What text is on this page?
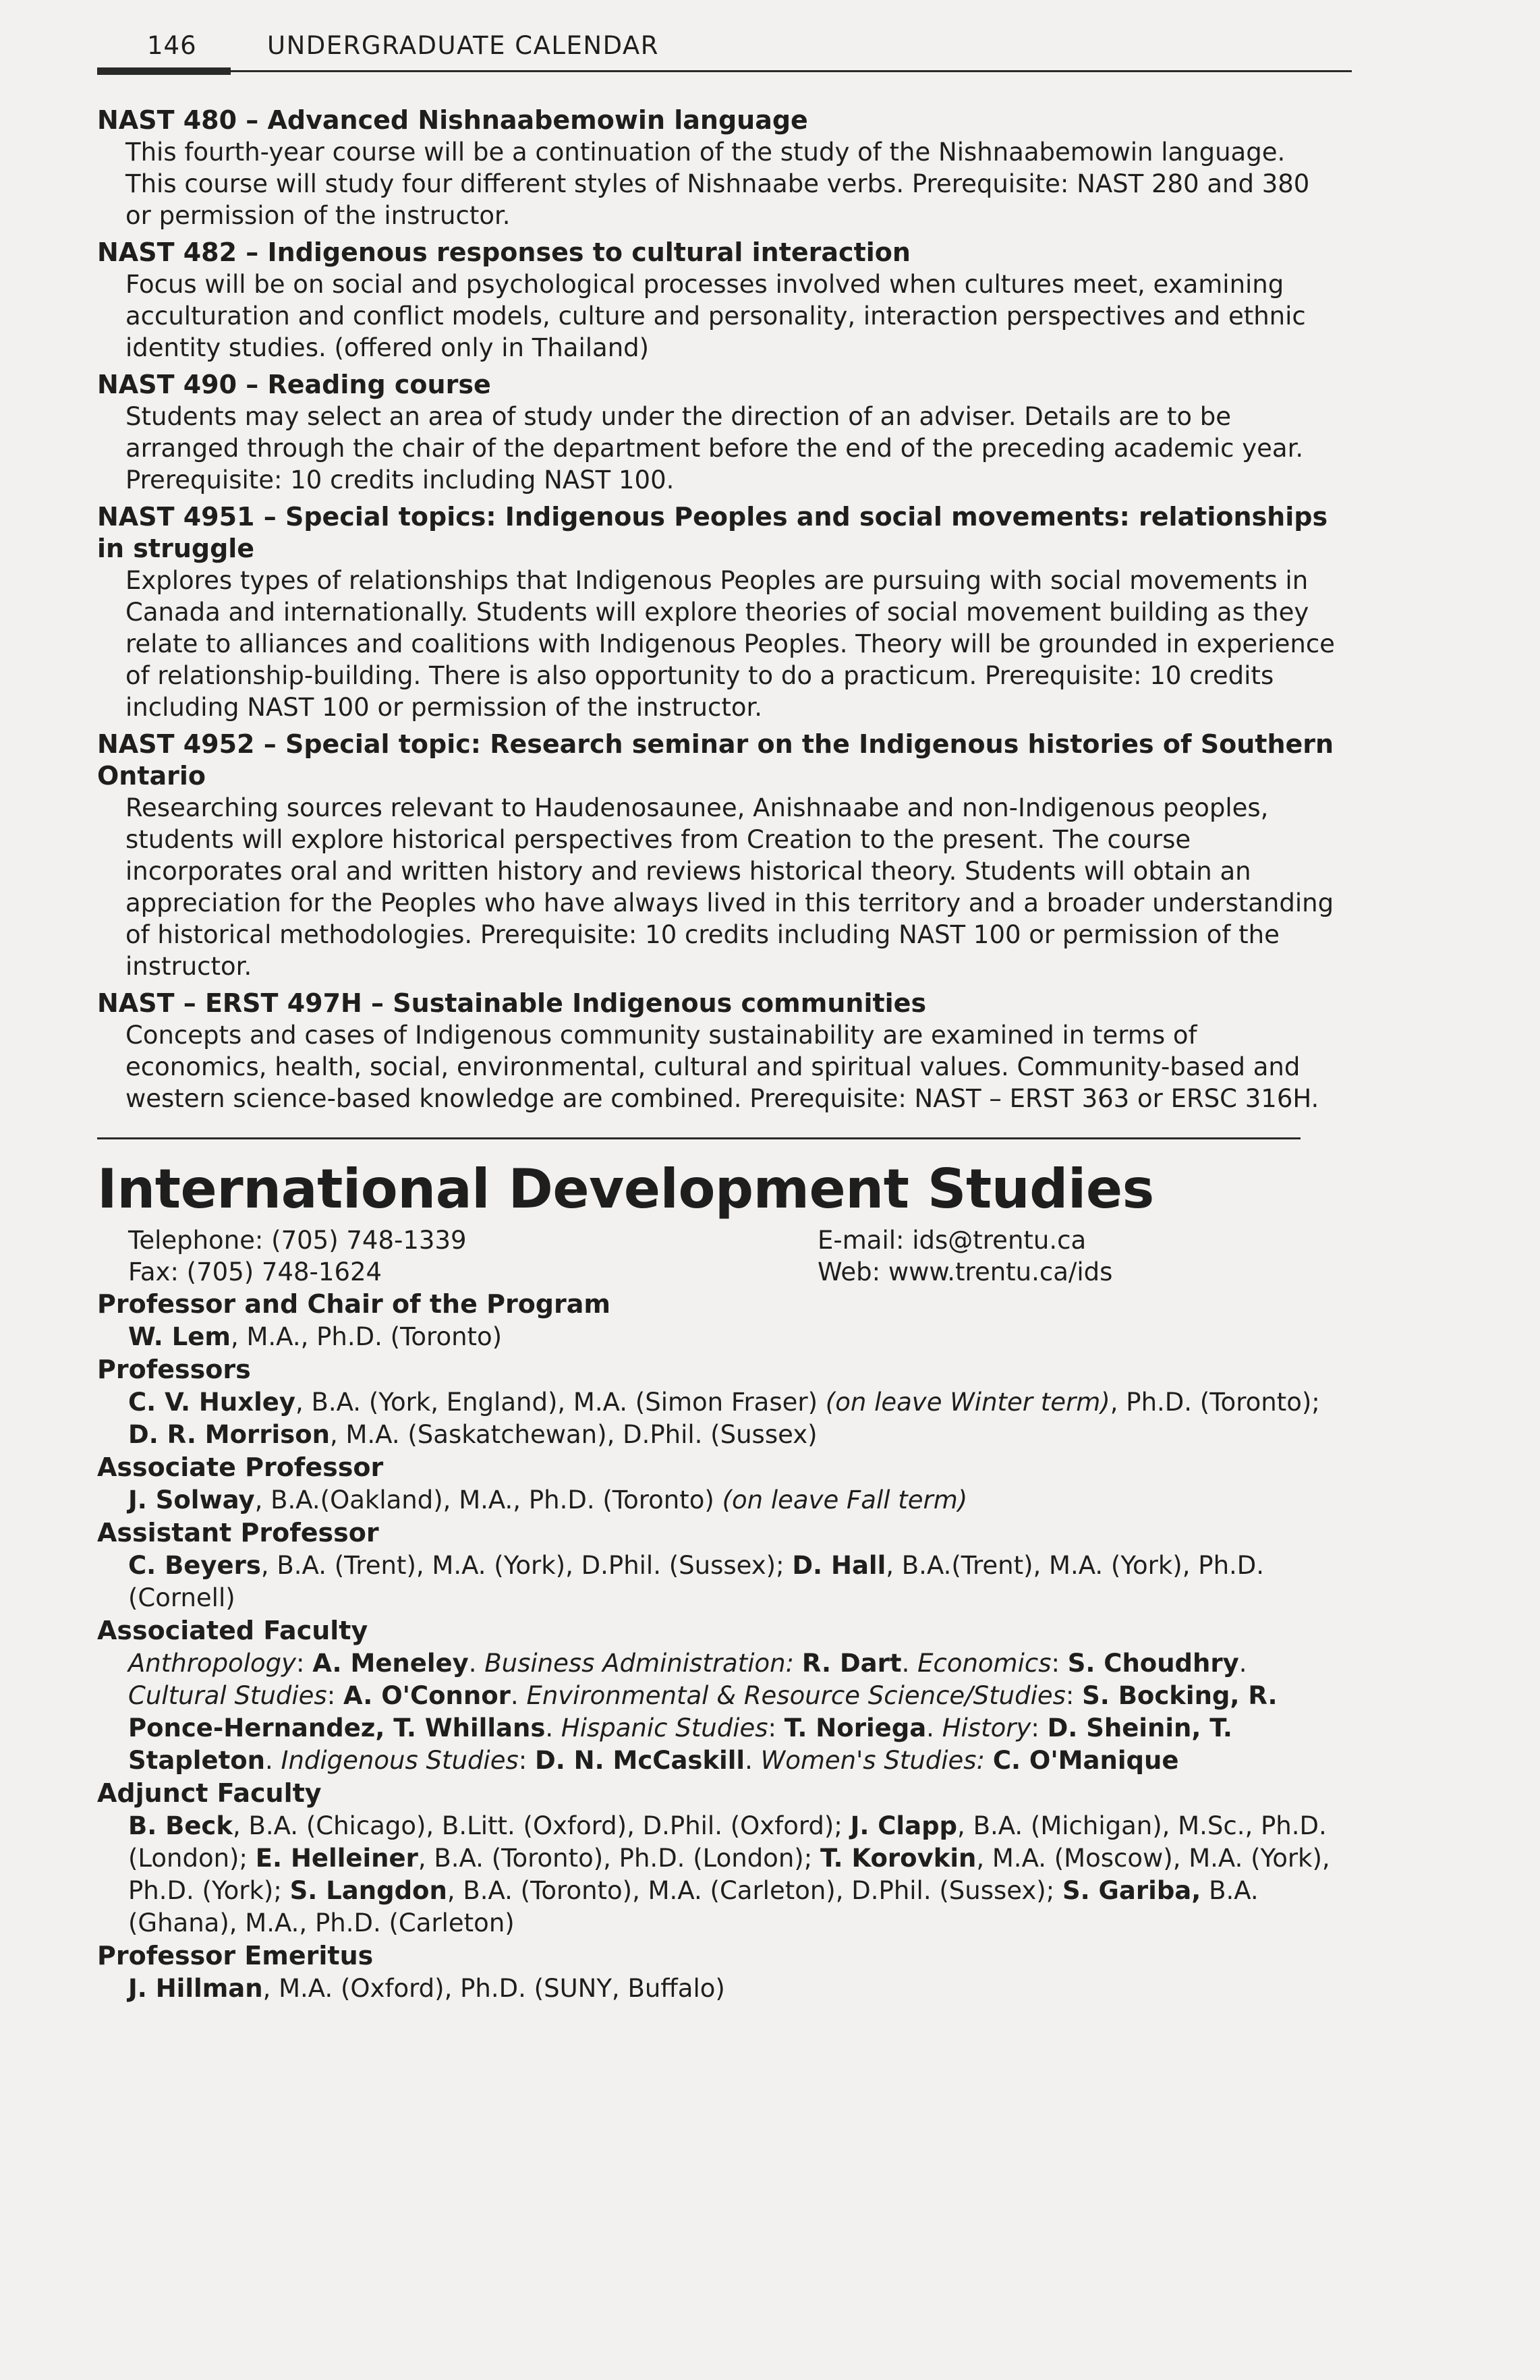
146	UNDERGRADUATE CALENDAR
NAST 480 – Advanced Nishnaabemowin language
This fourth-year course will be a continuation of the study of the Nishnaabemowin language. This course will study four different styles of Nishnaabe verbs. Prerequisite: NAST 280 and 380 or permission of the instructor.
NAST 482 – Indigenous responses to cultural interaction
Focus will be on social and psychological processes involved when cultures meet, examining acculturation and conflict models, culture and personality, interaction perspectives and ethnic identity studies. (offered only in Thailand)
NAST 490 – Reading course
Students may select an area of study under the direction of an adviser. Details are to be arranged through the chair of the department before the end of the preceding academic year. Prerequisite: 10 credits including NAST 100.
NAST 4951 – Special topics: Indigenous Peoples and social movements: relationships in struggle
Explores types of relationships that Indigenous Peoples are pursuing with social movements in Canada and internationally. Students will explore theories of social movement building as they relate to alliances and coalitions with Indigenous Peoples. Theory will be grounded in experience of relationship-building. There is also opportunity to do a practicum. Prerequisite: 10 credits including NAST 100 or permission of the instructor.
NAST 4952 – Special topic: Research seminar on the Indigenous histories of Southern Ontario
Researching sources relevant to Haudenosaunee, Anishnaabe and non-Indigenous peoples, students will explore historical perspectives from Creation to the present. The course incorporates oral and written history and reviews historical theory. Students will obtain an appreciation for the Peoples who have always lived in this territory and a broader understanding of historical methodologies. Prerequisite: 10 credits including NAST 100 or permission of the instructor.
NAST – ERST 497H – Sustainable Indigenous communities
Concepts and cases of Indigenous community sustainability are examined in terms of economics, health, social, environmental, cultural and spiritual values. Community-based and western science-based knowledge are combined. Prerequisite: NAST – ERST 363 or ERSC 316H.
International Development Studies
Telephone: (705) 748-1339
Fax: (705) 748-1624
E-mail: ids@trentu.ca
Web: www.trentu.ca/ids
Professor and Chair of the Program
W. Lem, M.A., Ph.D. (Toronto)
Professors

C. V. Huxley, B.A. (York, England), M.A. (Simon Fraser) (on leave Winter term), Ph.D. (Toronto);

D. R. Morrison, M.A. (Saskatchewan), D.Phil. (Sussex)

Associate Professor
J. Solway, B.A.(Oakland), M.A., Ph.D. (Toronto) (on leave Fall term)
Assistant Professor
C. Beyers, B.A. (Trent), M.A. (York), D.Phil. (Sussex); D. Hall, B.A.(Trent), M.A. (York), Ph.D. (Cornell)
Associated Faculty
Anthropology: A. Meneley. Business Administration: R. Dart. Economics: S. Choudhry. Cultural Studies: A. O'Connor. Environmental & Resource Science/Studies: S. Bocking, R. Ponce-Hernandez, T. Whillans. Hispanic Studies: T. Noriega. History: D. Sheinin, T. Stapleton. Indigenous Studies: D. N. McCaskill. Women's Studies: C. O'Manique
Adjunct Faculty
B. Beck, B.A. (Chicago), B.Litt. (Oxford), D.Phil. (Oxford); J. Clapp, B.A. (Michigan), M.Sc., Ph.D. (London); E. Helleiner, B.A. (Toronto), Ph.D. (London); T. Korovkin, M.A. (Moscow), M.A. (York), Ph.D. (York); S. Langdon, B.A. (Toronto), M.A. (Carleton), D.Phil. (Sussex); S. Gariba, B.A. (Ghana), M.A., Ph.D. (Carleton)
Professor Emeritus
J. Hillman, M.A. (Oxford), Ph.D. (SUNY, Buffalo)
